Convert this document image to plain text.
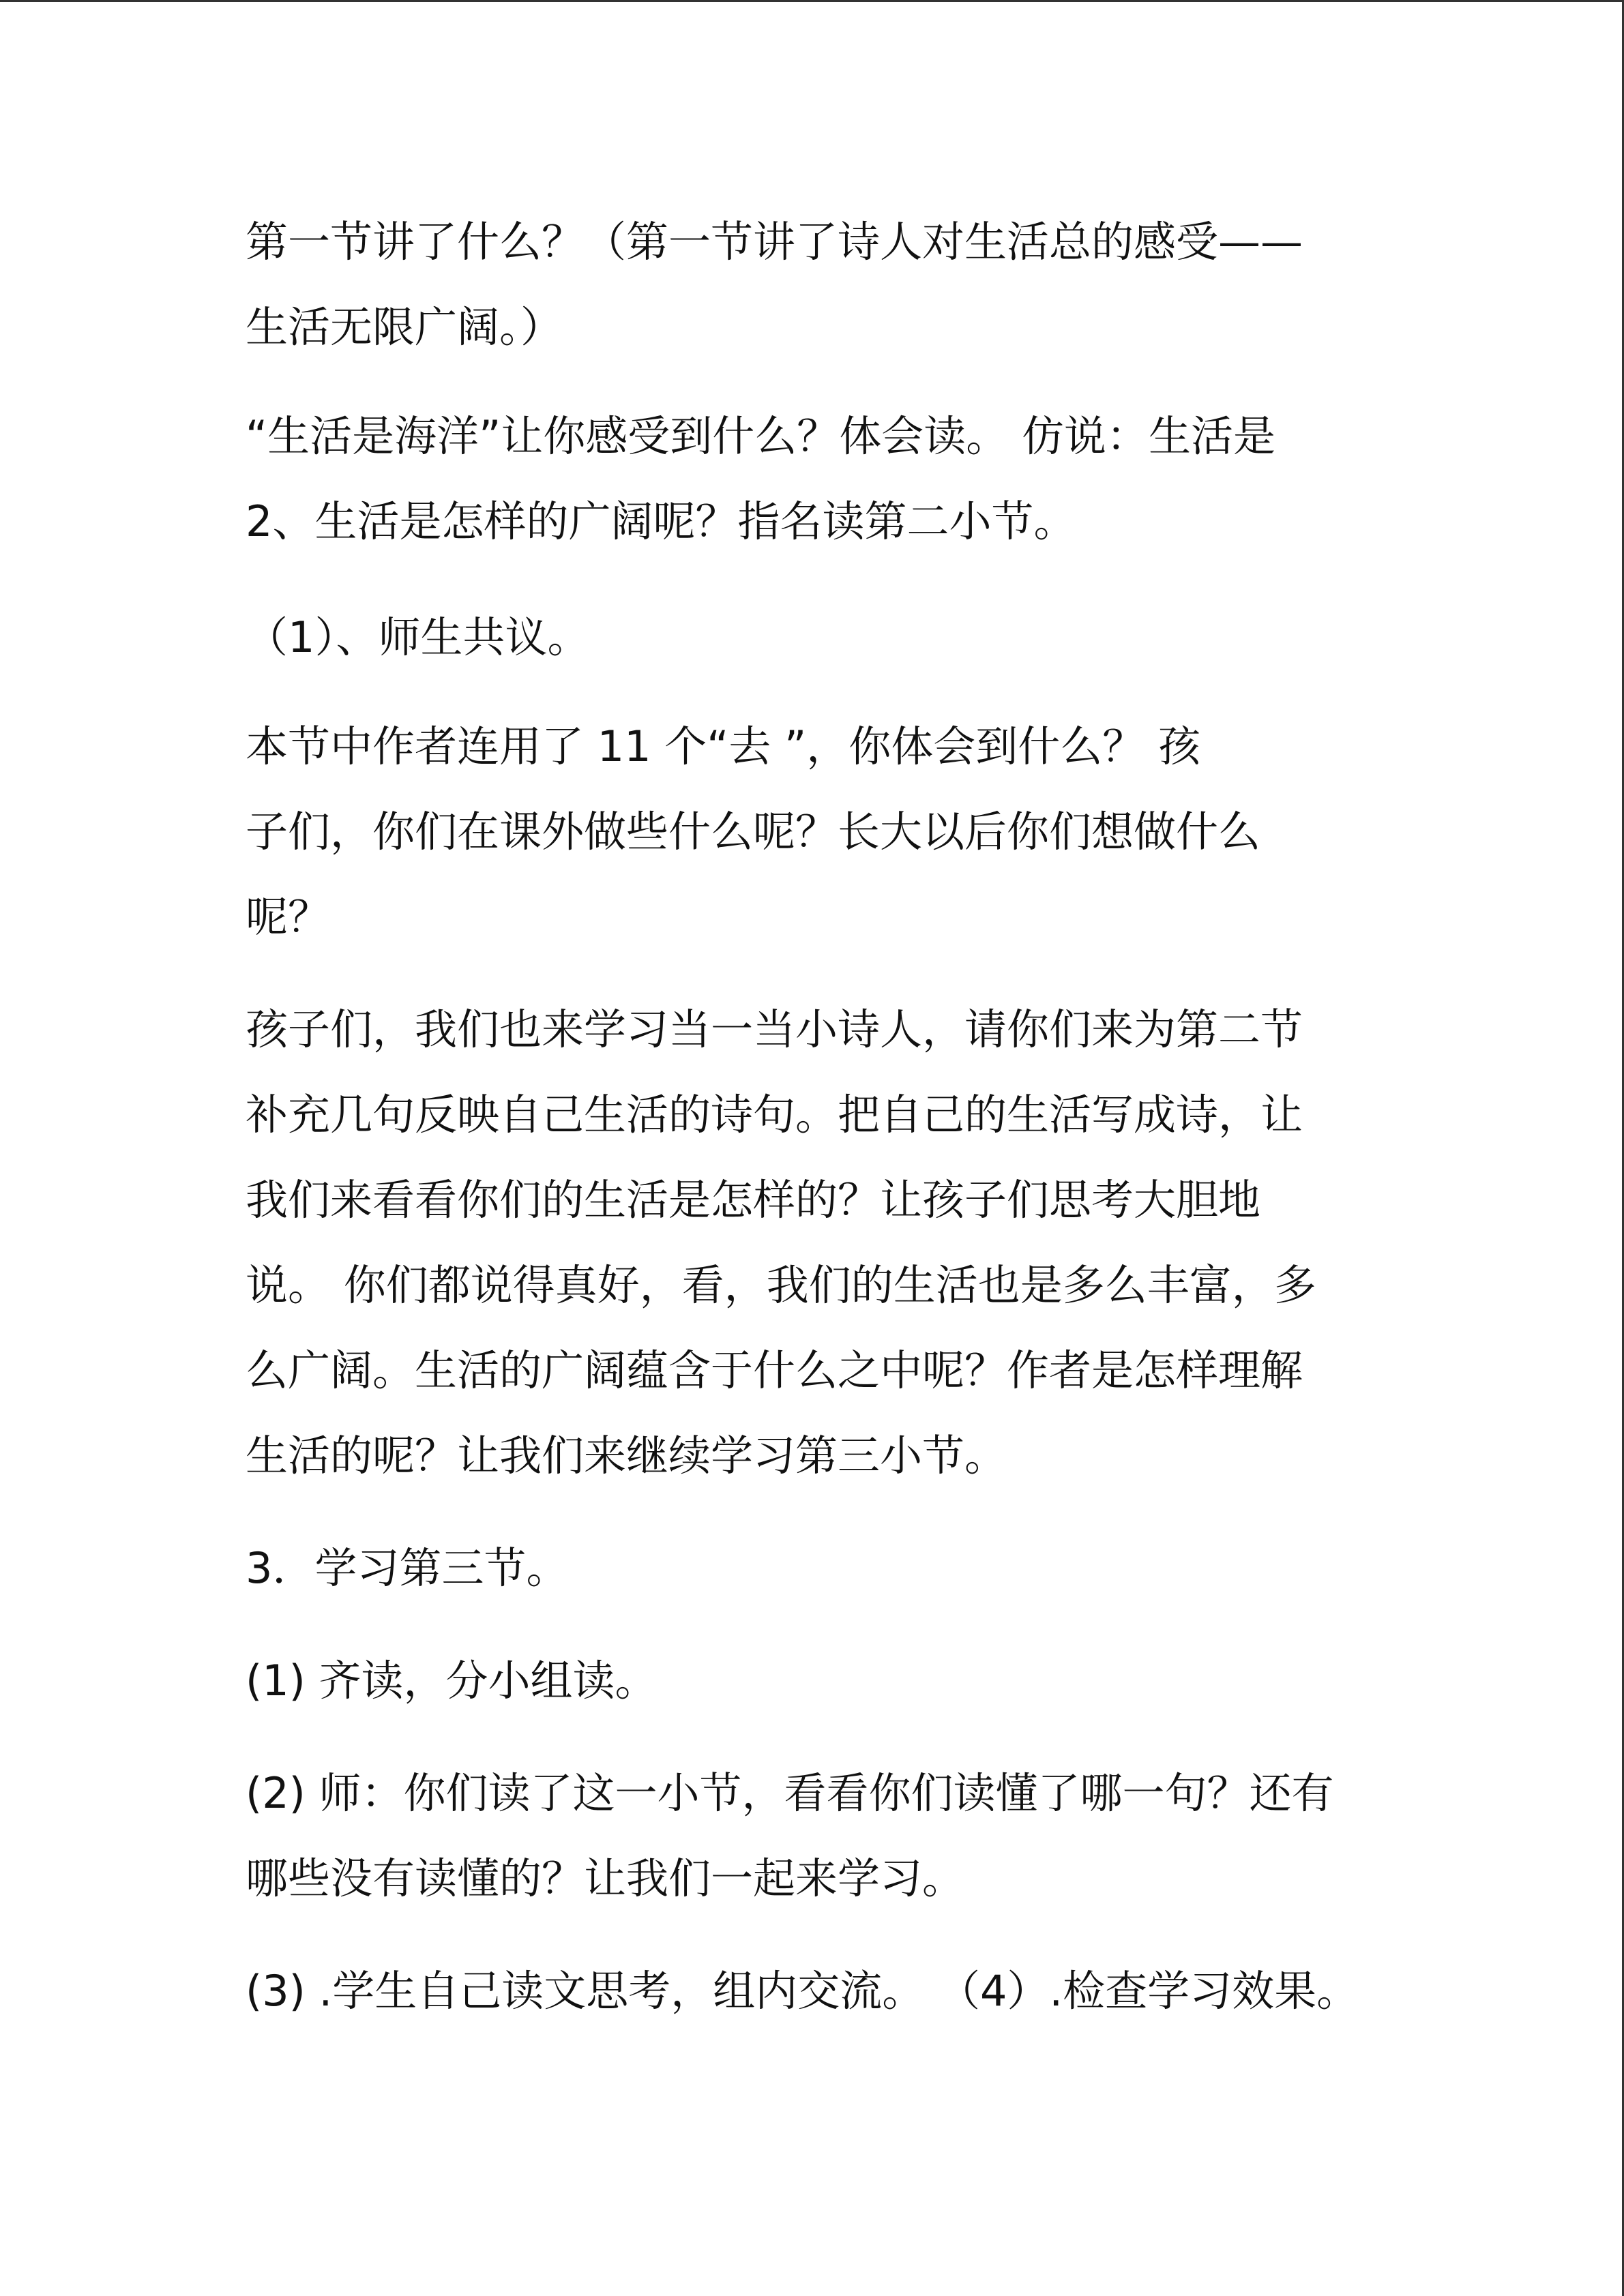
第一节讲了什么？（第一节讲了诗人对生活总的感受——
生活无限广阔。）
“生活是海洋”让你感受到什么？体会读。 仿说：生活是
2、生活是怎样的广阔呢？指名读第二小节。
（1）、师生共议。
本节中作者连用了 11 个“去 ”，你体会到什么？ 孩
子们，你们在课外做些什么呢？长大以后你们想做什么
呢？
孩子们，我们也来学习当一当小诗人，请你们来为第二节
补充几句反映自己生活的诗句。把自己的生活写成诗，让
我们来看看你们的生活是怎样的？让孩子们思考大胆地
说。 你们都说得真好，看，我们的生活也是多么丰富，多
么广阔。生活的广阔蕴含于什么之中呢？作者是怎样理解
生活的呢？让我们来继续学习第三小节。
3．学习第三节。
(1) 齐读，分小组读。
(2) 师：你们读了这一小节，看看你们读懂了哪一句？还有
哪些没有读懂的？让我们一起来学习。
(3) .学生自己读文思考，组内交流。 （4）.检查学习效果。
